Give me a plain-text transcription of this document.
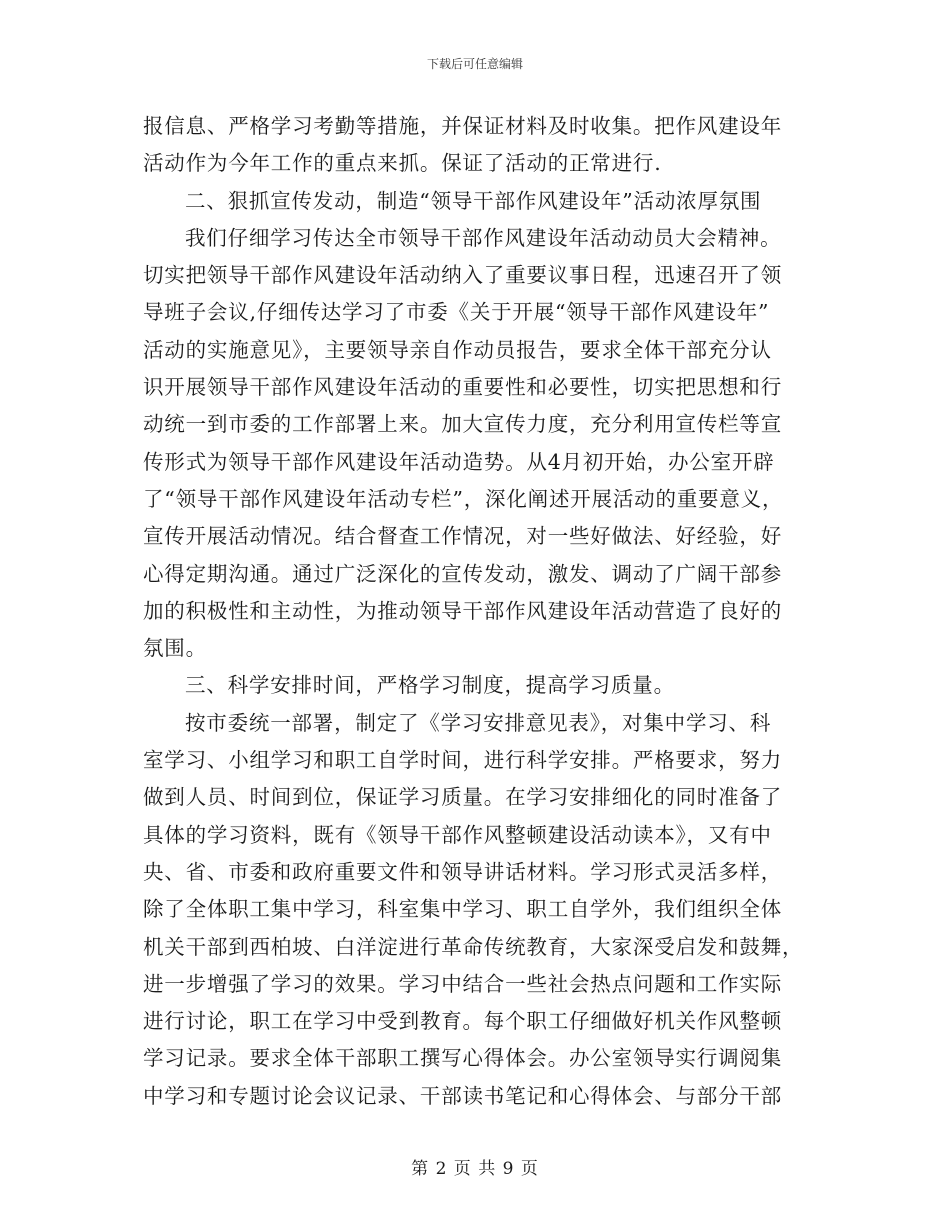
下载后可任意编辑
报信息、严格学习考勤等措施，并保证材料及时收集。把作风建设年
活动作为今年工作的重点来抓。保证了活动的正常进行.
二、狠抓宣传发动，制造“领导干部作风建设年”活动浓厚氛围
我们仔细学习传达全市领导干部作风建设年活动动员大会精神。
切实把领导干部作风建设年活动纳入了重要议事日程，迅速召开了领
导班子会议,仔细传达学习了市委《关于开展“领导干部作风建设年”
活动的实施意见》，主要领导亲自作动员报告，要求全体干部充分认
识开展领导干部作风建设年活动的重要性和必要性，切实把思想和行
动统一到市委的工作部署上来。加大宣传力度，充分利用宣传栏等宣
传形式为领导干部作风建设年活动造势。从4月初开始，办公室开辟
了“领导干部作风建设年活动专栏”，深化阐述开展活动的重要意义，
宣传开展活动情况。结合督查工作情况，对一些好做法、好经验，好
心得定期沟通。通过广泛深化的宣传发动，激发、调动了广阔干部参
加的积极性和主动性，为推动领导干部作风建设年活动营造了良好的
氛围。
三、科学安排时间，严格学习制度，提高学习质量。
按市委统一部署，制定了《学习安排意见表》，对集中学习、科
室学习、小组学习和职工自学时间，进行科学安排。严格要求，努力
做到人员、时间到位，保证学习质量。在学习安排细化的同时准备了
具体的学习资料，既有《领导干部作风整顿建设活动读本》，又有中
央、省、市委和政府重要文件和领导讲话材料。学习形式灵活多样，
除了全体职工集中学习，科室集中学习、职工自学外，我们组织全体
机关干部到西柏坡、白洋淀进行革命传统教育，大家深受启发和鼓舞，
进一步增强了学习的效果。学习中结合一些社会热点问题和工作实际
进行讨论，职工在学习中受到教育。每个职工仔细做好机关作风整顿
学习记录。要求全体干部职工撰写心得体会。办公室领导实行调阅集
中学习和专题讨论会议记录、干部读书笔记和心得体会、与部分干部
第 2 页 共 9 页
